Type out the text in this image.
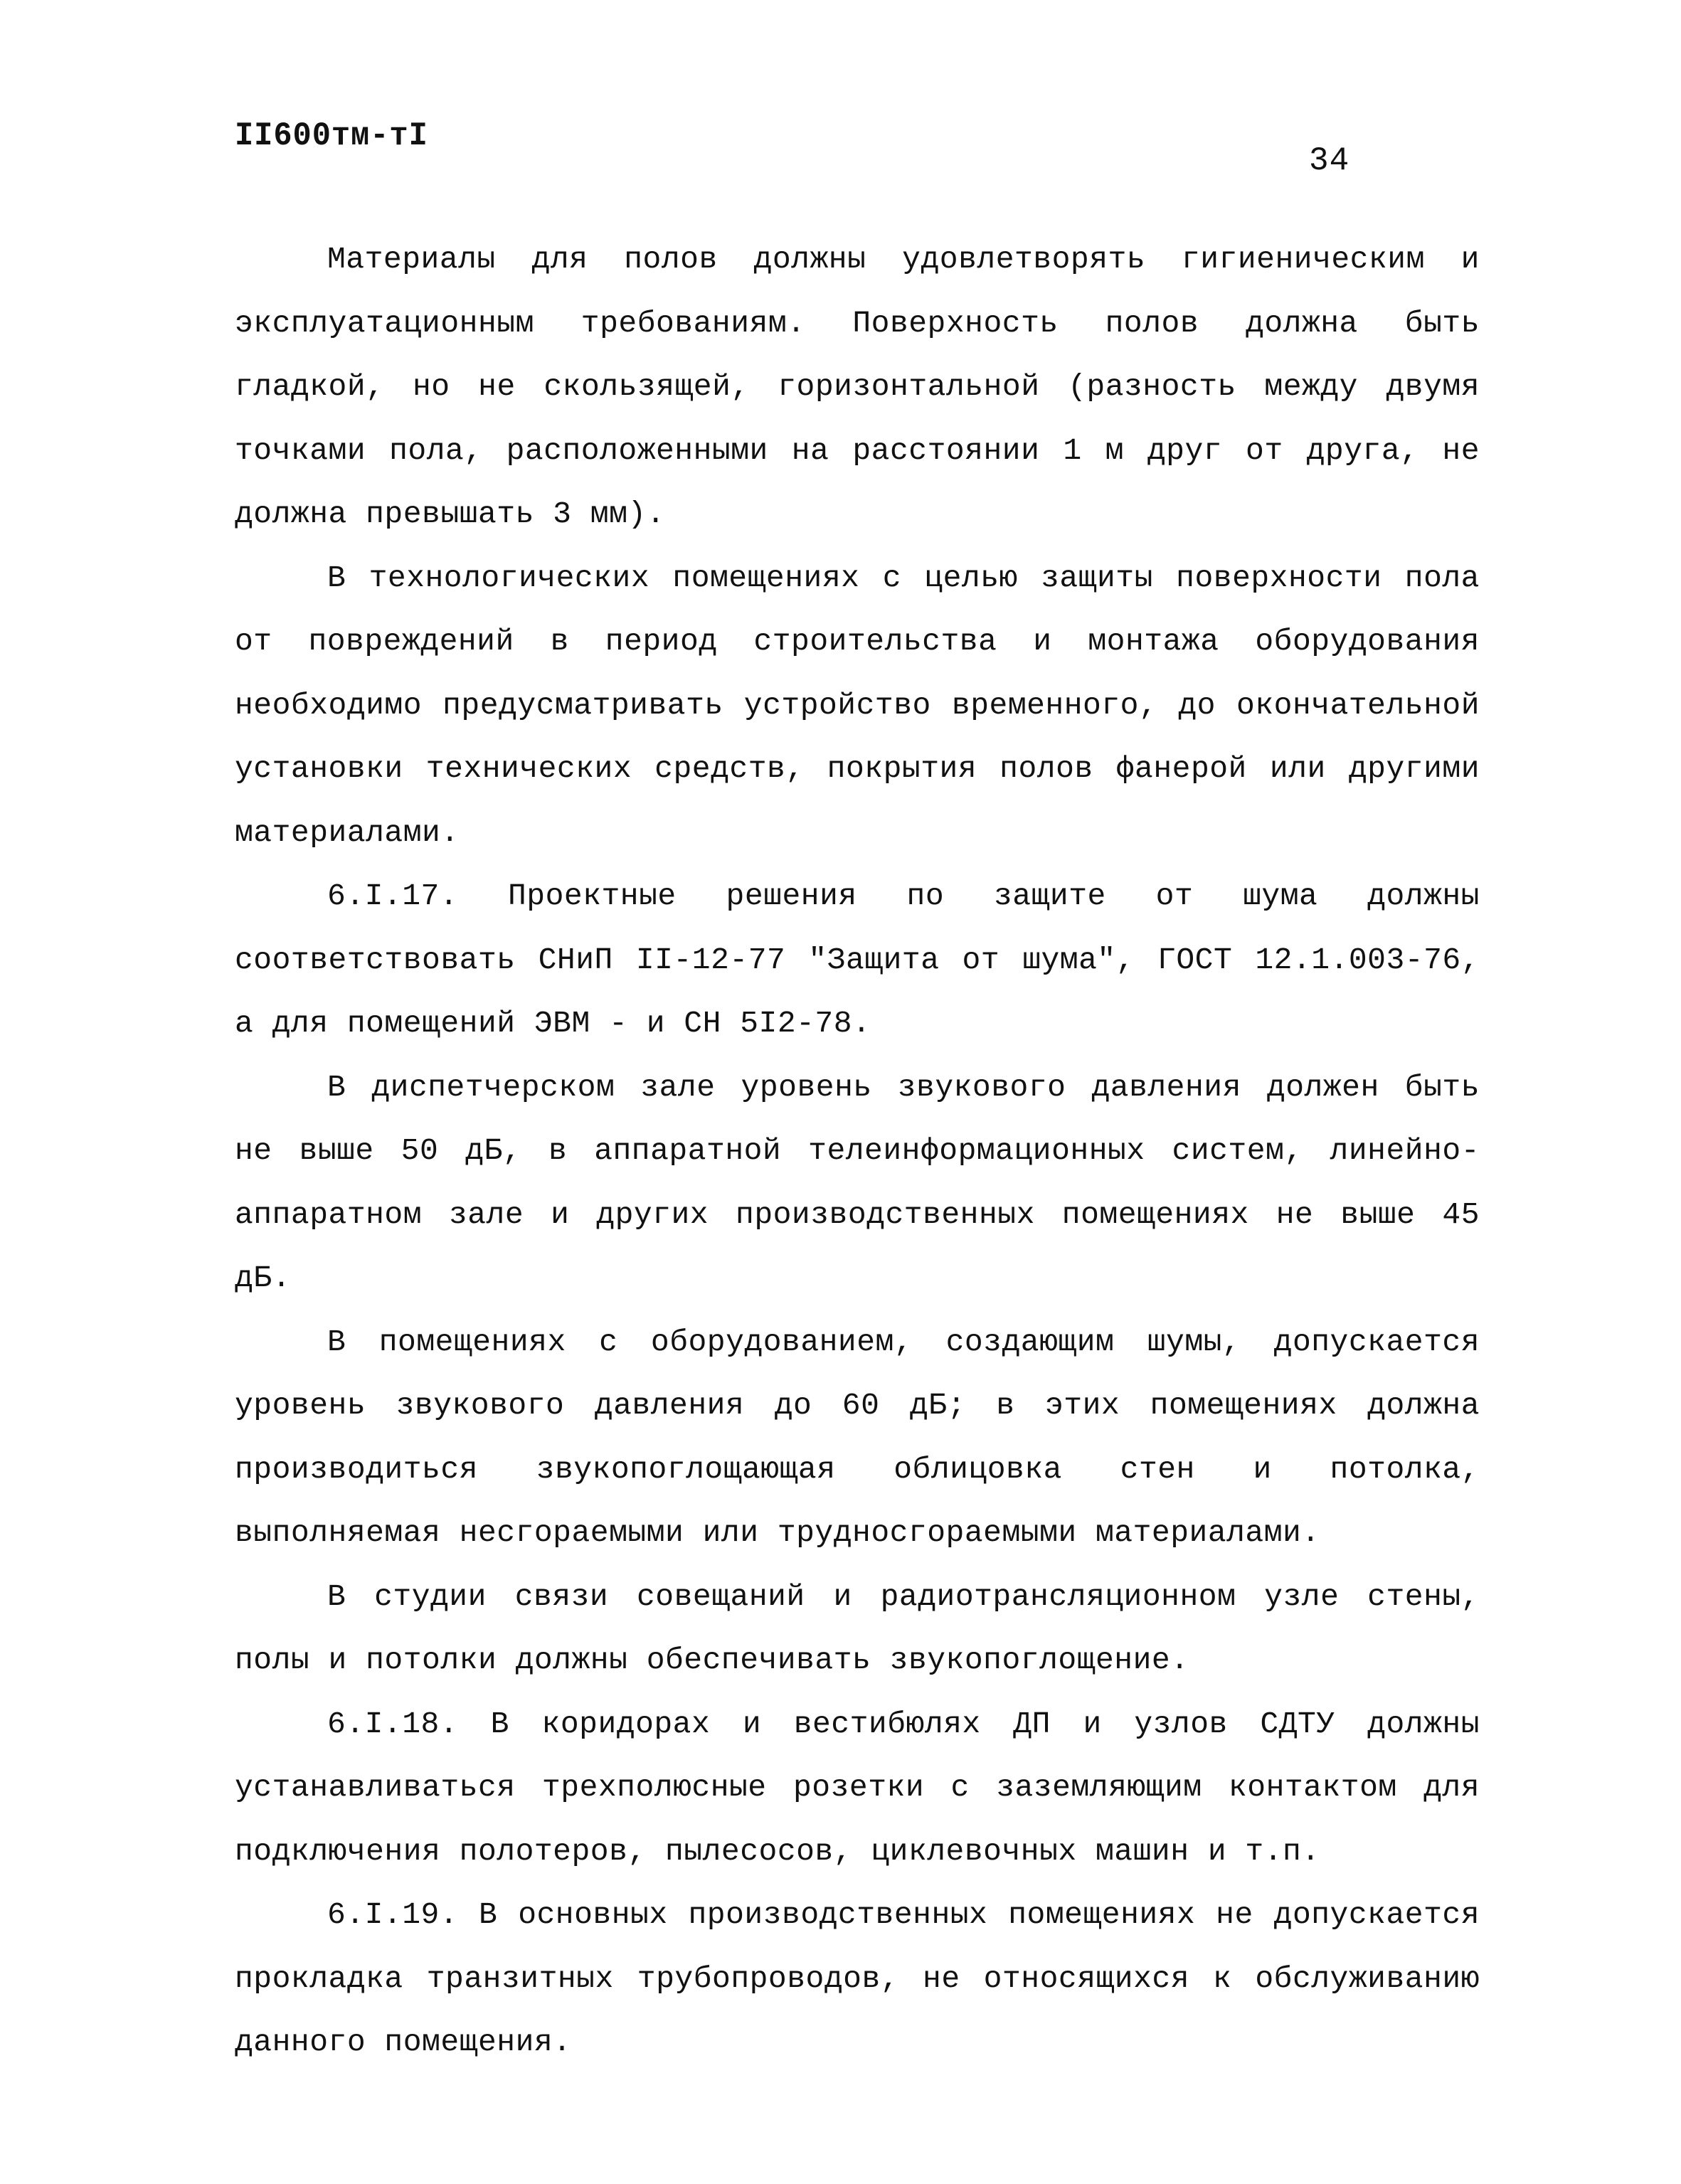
II600тм-тI
34

Материалы для полов должны удовлетворять гигиеническим и эксплуатационным требованиям. Поверхность полов должна быть гладкой, но не скользящей, горизонтальной (разность между двумя точками пола, расположенными на расстоянии 1 м друг от друга, не должна превышать 3 мм).

В технологических помещениях с целью защиты поверхности пола от повреждений в период строительства и монтажа оборудования необходимо предусматривать устройство временного, до окончательной установки технических средств, покрытия полов фанерой или другими материалами.

6.I.17. Проектные решения по защите от шума должны соответствовать СНиП II-12-77 "Защита от шума", ГОСТ 12.1.003-76, а для помещений ЭВМ - и СН 5I2-78.

В диспетчерском зале уровень звукового давления должен быть не выше 50 дБ, в аппаратной телеинформационных систем, линейно-аппаратном зале и других производственных помещениях не выше 45 дБ.

В помещениях с оборудованием, создающим шумы, допускается уровень звукового давления до 60 дБ; в этих помещениях должна производиться звукопоглощающая облицовка стен и потолка, выполняемая несгораемыми или трудносгораемыми материалами.

В студии связи совещаний и радиотрансляционном узле стены, полы и потолки должны обеспечивать звукопоглощение.

6.I.18. В коридорах и вестибюлях ДП и узлов СДТУ должны устанавливаться трехполюсные розетки с заземляющим контактом для подключения полотеров, пылесосов, циклевочных машин и т.п.

6.I.19. В основных производственных помещениях не допускается прокладка транзитных трубопроводов, не относящихся к обслуживанию данного помещения.
